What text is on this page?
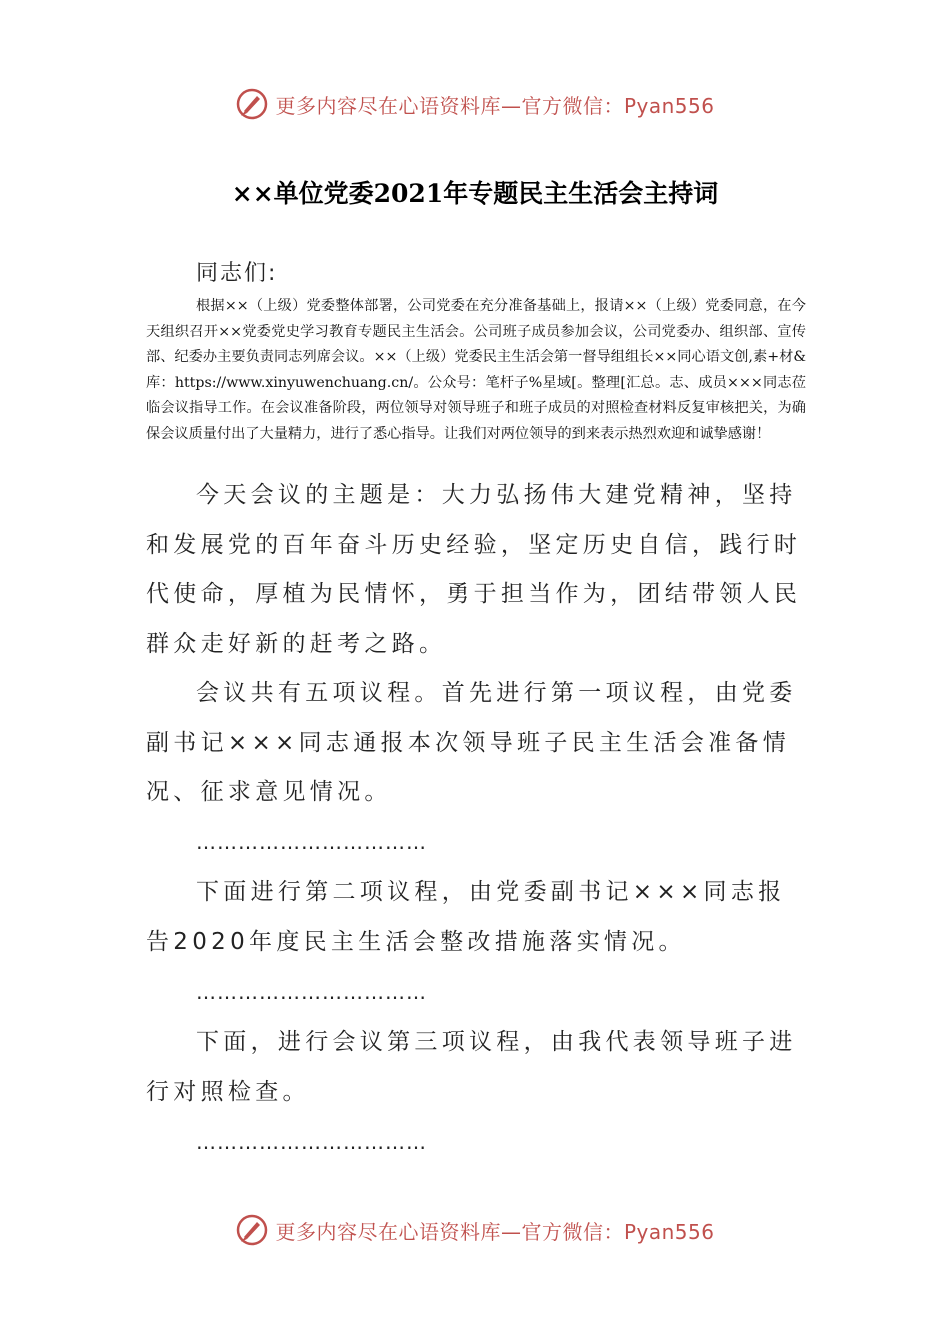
更多内容尽在心语资料库—官方微信：Pyan556
××单位党委2021年专题民主生活会主持词
同志们:
根据××（上级）党委整体部署，公司党委在充分准备基础上，报请××（上级）党委同意，在今天组织召开××党委党史学习教育专题民主生活会。公司班子成员参加会议，公司党委办、组织部、宣传部、纪委办主要负责同志列席会议。××（上级）党委民主生活会第一督导组组长××同心语文创,素+材&库：https://www.xinyuwenchuang.cn/。公众号：笔杆子%星域[。整理[汇总。志、成员×××同志莅临会议指导工作。在会议准备阶段，两位领导对领导班子和班子成员的对照检查材料反复审核把关，为确保会议质量付出了大量精力，进行了悉心指导。让我们对两位领导的到来表示热烈欢迎和诚挚感谢！
今天会议的主题是：大力弘扬伟大建党精神，坚持和发展党的百年奋斗历史经验，坚定历史自信，践行时代使命，厚植为民情怀，勇于担当作为，团结带领人民群众走好新的赶考之路。
会议共有五项议程。首先进行第一项议程，由党委副书记×××同志通报本次领导班子民主生活会准备情况、征求意见情况。
……………………………
下面进行第二项议程，由党委副书记×××同志报告2020年度民主生活会整改措施落实情况。
……………………………
下面，进行会议第三项议程，由我代表领导班子进行对照检查。
……………………………
更多内容尽在心语资料库—官方微信：Pyan556
